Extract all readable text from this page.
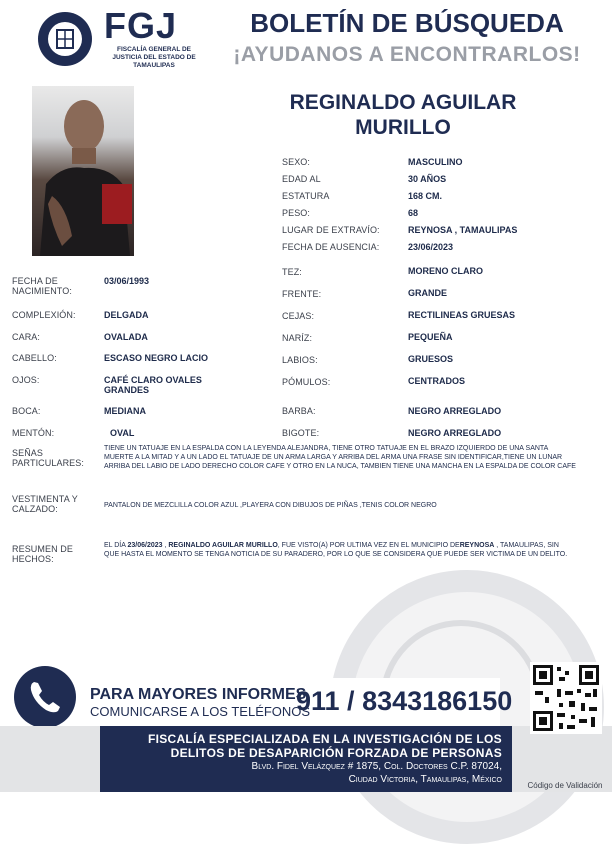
FGJ
FISCALÍA GENERAL DE JUSTICIA DEL ESTADO DE TAMAULIPAS
BOLETÍN DE BÚSQUEDA
¡AYUDANOS A ENCONTRARLOS!
REGINALDO AGUILAR
MURILLO
SEXO:	MASCULINO
EDAD AL	30 AÑOS
ESTATURA	168 CM.
PESO:	68
LUGAR DE EXTRAVÍO:	REYNOSA , TAMAULIPAS
FECHA DE AUSENCIA:	23/06/2023
FECHA DE NACIMIENTO:
03/06/1993
COMPLEXIÓN:	DELGADA
CARA:	OVALADA
CABELLO:	ESCASO NEGRO LACIO
OJOS:	CAFÉ CLARO OVALES GRANDES
BOCA:	MEDIANA
MENTÓN:	OVAL
TEZ:	MORENO CLARO
FRENTE:	GRANDE
CEJAS:	RECTILINEAS GRUESAS
NARÍZ:	PEQUEÑA
LABIOS:	GRUESOS
PÓMULOS:	CENTRADOS
BARBA:	NEGRO ARREGLADO
BIGOTE:	NEGRO ARREGLADO
SEÑAS PARTICULARES:
TIENE UN TATUAJE EN LA ESPALDA CON LA LEYENDA ALEJANDRA, TIENE OTRO TATUAJE EN EL BRAZO IZQUIERDO DE UNA SANTA MUERTE A LA MITAD Y A UN LADO EL TATUAJE DE UN ARMA LARGA Y ARRIBA DEL ARMA UNA FRASE SIN IDENTIFICAR,TIENE UN LUNAR ARRIBA DEL LABIO DE LADO DERECHO COLOR CAFE Y OTRO EN LA NUCA, TAMBIEN TIENE UNA MANCHA EN LA ESPALDA DE COLOR CAFE
VESTIMENTA Y CALZADO:	PANTALON DE MEZCLILLA COLOR AZUL ,PLAYERA CON DIBUJOS DE PIÑAS ,TENIS COLOR NEGRO
RESUMEN DE HECHOS:
EL DÍA 23/06/2023 , REGINALDO AGUILAR MURILLO, FUE VISTO(A) POR ULTIMA VEZ EN EL MUNICIPIO DEREYNOSA , TAMAULIPAS, SIN QUE HASTA EL MOMENTO SE TENGA NOTICIA DE SU PARADERO, POR LO QUE SE CONSIDERA QUE PUEDE SER VICTIMA DE UN DELITO.
PARA MAYORES INFORMES,
COMUNICARSE A LOS TELÉFONOS
911 / 8343186150
FISCALÍA ESPECIALIZADA EN LA INVESTIGACIÓN DE LOS
DELITOS DE DESAPARICIÓN FORZADA DE PERSONAS
Blvd. Fidel Velázquez # 1875, Col. Doctores C.P. 87024,
Ciudad Victoria, Tamaulipas, México
Código de Validación
